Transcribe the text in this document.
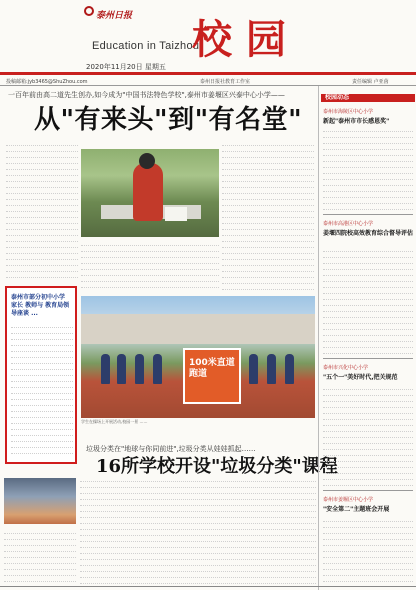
泰州日报
Education in Taizhou
校园
2020年11月20日 星期五
投稿邮箱:jyb3465@ShuZhou.com	泰州日报社教育工作室	责任编辑 卢亚茵
一百年前由高二道先生创办,如今成为"中国书法特色学校",泰州市姜堰区兴泰中心小学——
从"有来头"到"有名堂"
泰州市部分初中小学 家长 教师与 教育局领导座谈 ...
100米直道 跑道
学生在操场上开展活动,校园一景 ……
垃圾分类在"地球与你同前进",垃圾分类从娃娃抓起……
16所学校开设"垃圾分类"课程
校园动态
泰州市海陵区中心小学
新起"泰州市市长感恩奖"
泰州市高港区中心小学
姜堰四院校高效教育综合督导评估
泰州市兴化中心小学
"五个一"美好时代,把关规范
泰州市姜堰区中心小学
"安全第二"主题班会开展
